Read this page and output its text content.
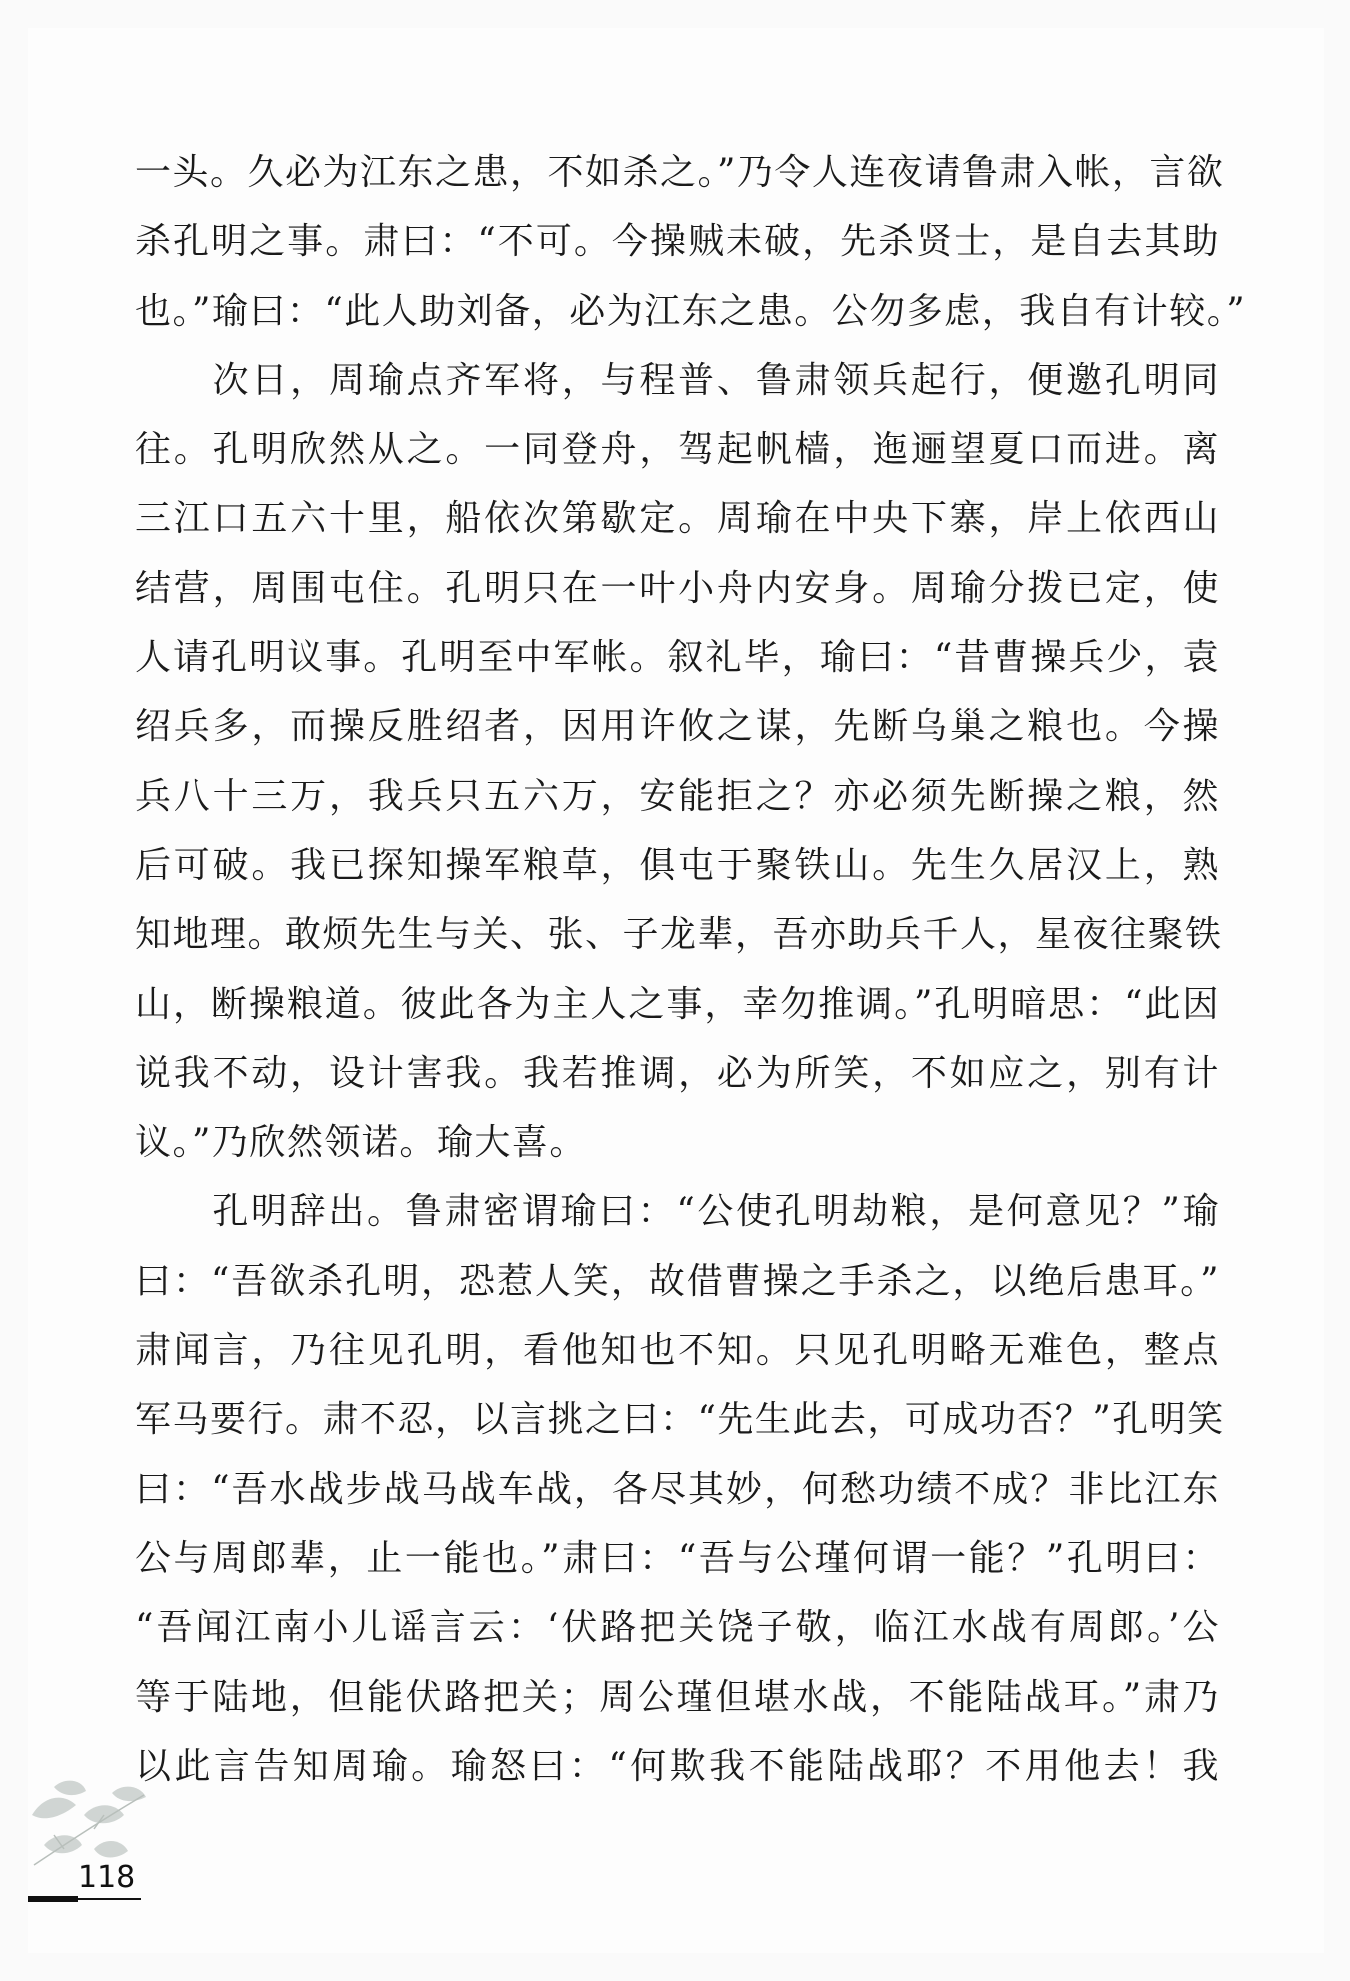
一头。久必为江东之患，不如杀之。”乃令人连夜请鲁肃入帐，言欲
杀孔明之事。肃曰：“不可。今操贼未破，先杀贤士，是自去其助
也。”瑜曰：“此人助刘备，必为江东之患。公勿多虑，我自有计较。”
　　次日，周瑜点齐军将，与程普、鲁肃领兵起行，便邀孔明同
往。孔明欣然从之。一同登舟，驾起帆樯，迤逦望夏口而进。离
三江口五六十里，船依次第歇定。周瑜在中央下寨，岸上依西山
结营，周围屯住。孔明只在一叶小舟内安身。周瑜分拨已定，使
人请孔明议事。孔明至中军帐。叙礼毕，瑜曰：“昔曹操兵少，袁
绍兵多，而操反胜绍者，因用许攸之谋，先断乌巢之粮也。今操
兵八十三万，我兵只五六万，安能拒之？亦必须先断操之粮，然
后可破。我已探知操军粮草，俱屯于聚铁山。先生久居汉上，熟
知地理。敢烦先生与关、张、子龙辈，吾亦助兵千人，星夜往聚铁
山，断操粮道。彼此各为主人之事，幸勿推调。”孔明暗思：“此因
说我不动，设计害我。我若推调，必为所笑，不如应之，别有计
议。”乃欣然领诺。瑜大喜。
　　孔明辞出。鲁肃密谓瑜曰：“公使孔明劫粮，是何意见？”瑜
曰：“吾欲杀孔明，恐惹人笑，故借曹操之手杀之，以绝后患耳。”
肃闻言，乃往见孔明，看他知也不知。只见孔明略无难色，整点
军马要行。肃不忍，以言挑之曰：“先生此去，可成功否？”孔明笑
曰：“吾水战步战马战车战，各尽其妙，何愁功绩不成？非比江东
公与周郎辈，止一能也。”肃曰：“吾与公瑾何谓一能？”孔明曰：
“吾闻江南小儿谣言云：‘伏路把关饶子敬，临江水战有周郎。’公
等于陆地，但能伏路把关；周公瑾但堪水战，不能陆战耳。”肃乃
以此言告知周瑜。瑜怒曰：“何欺我不能陆战耶？不用他去！我
118
